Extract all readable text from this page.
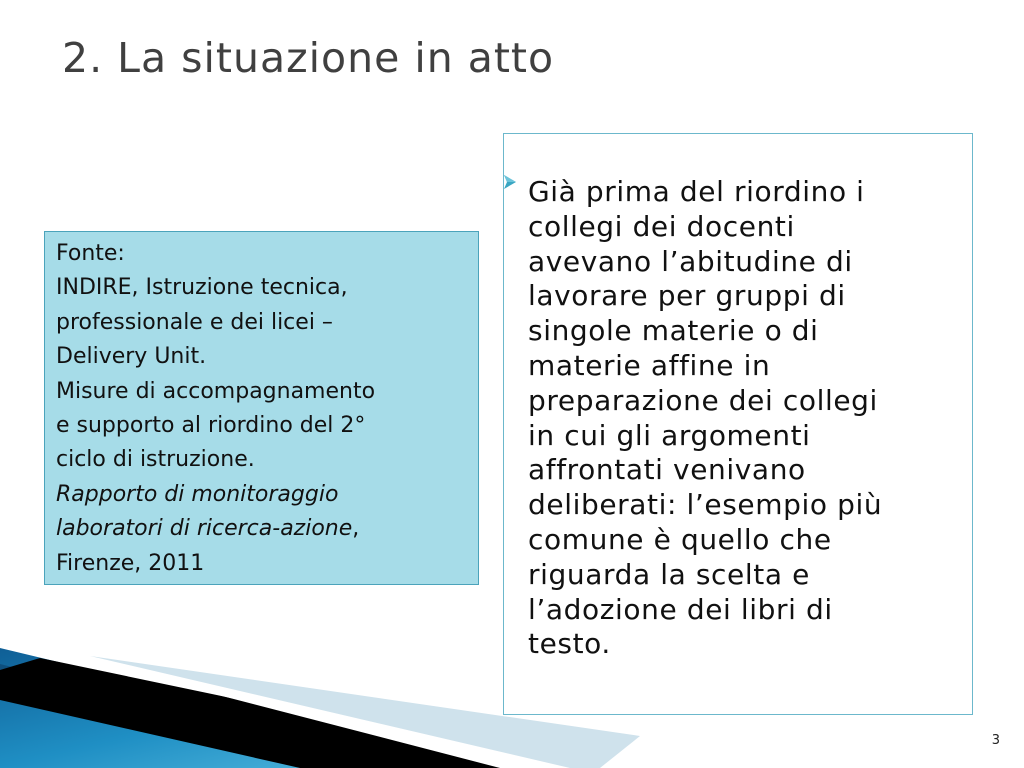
2. La situazione in atto
Fonte:
INDIRE, Istruzione tecnica,
professionale e dei licei –
Delivery Unit.
Misure di accompagnamento
e supporto al riordino del 2°
ciclo di istruzione.
Rapporto di monitoraggio
laboratori di ricerca-azione,
Firenze, 2011
Già prima del riordino i
collegi dei docenti
avevano l’abitudine di
lavorare per gruppi di
singole materie o di
materie affine in
preparazione dei collegi
in cui gli argomenti
affrontati venivano
deliberati: l’esempio più
comune è quello che
riguarda la scelta e
l’adozione dei libri di
testo.
3
